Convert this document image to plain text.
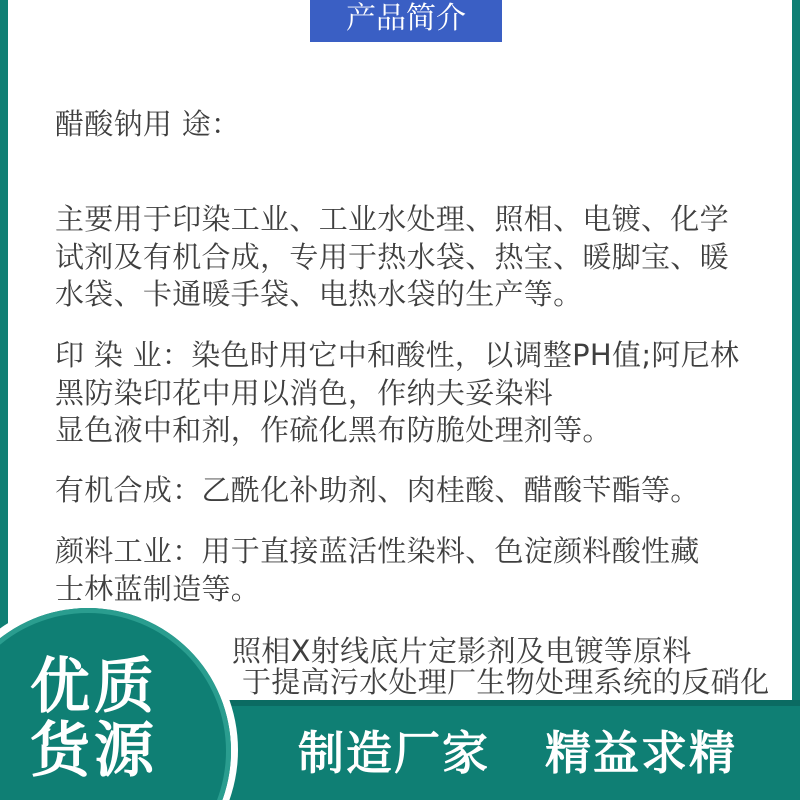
产品简介
醋酸钠用 途：
主要用于印染工业、工业水处理、照相、电镀、化学
试剂及有机合成，专用于热水袋、热宝、暖脚宝、暖
水袋、卡通暖手袋、电热水袋的生产等。
印 染 业：染色时用它中和酸性，以调整PH值;阿尼林
黑防染印花中用以消色，作纳夫妥染料
显色液中和剂，作硫化黑布防脆处理剂等。
有机合成：乙酰化补助剂、肉桂酸、醋酸苄酯等。
颜料工业：用于直接蓝活性染料、色淀颜料酸性藏
士林蓝制造等。
照相X射线底片定影剂及电镀等原料
于提高污水处理厂生物处理系统的反硝化
制造厂家 精益求精
优质
货源
